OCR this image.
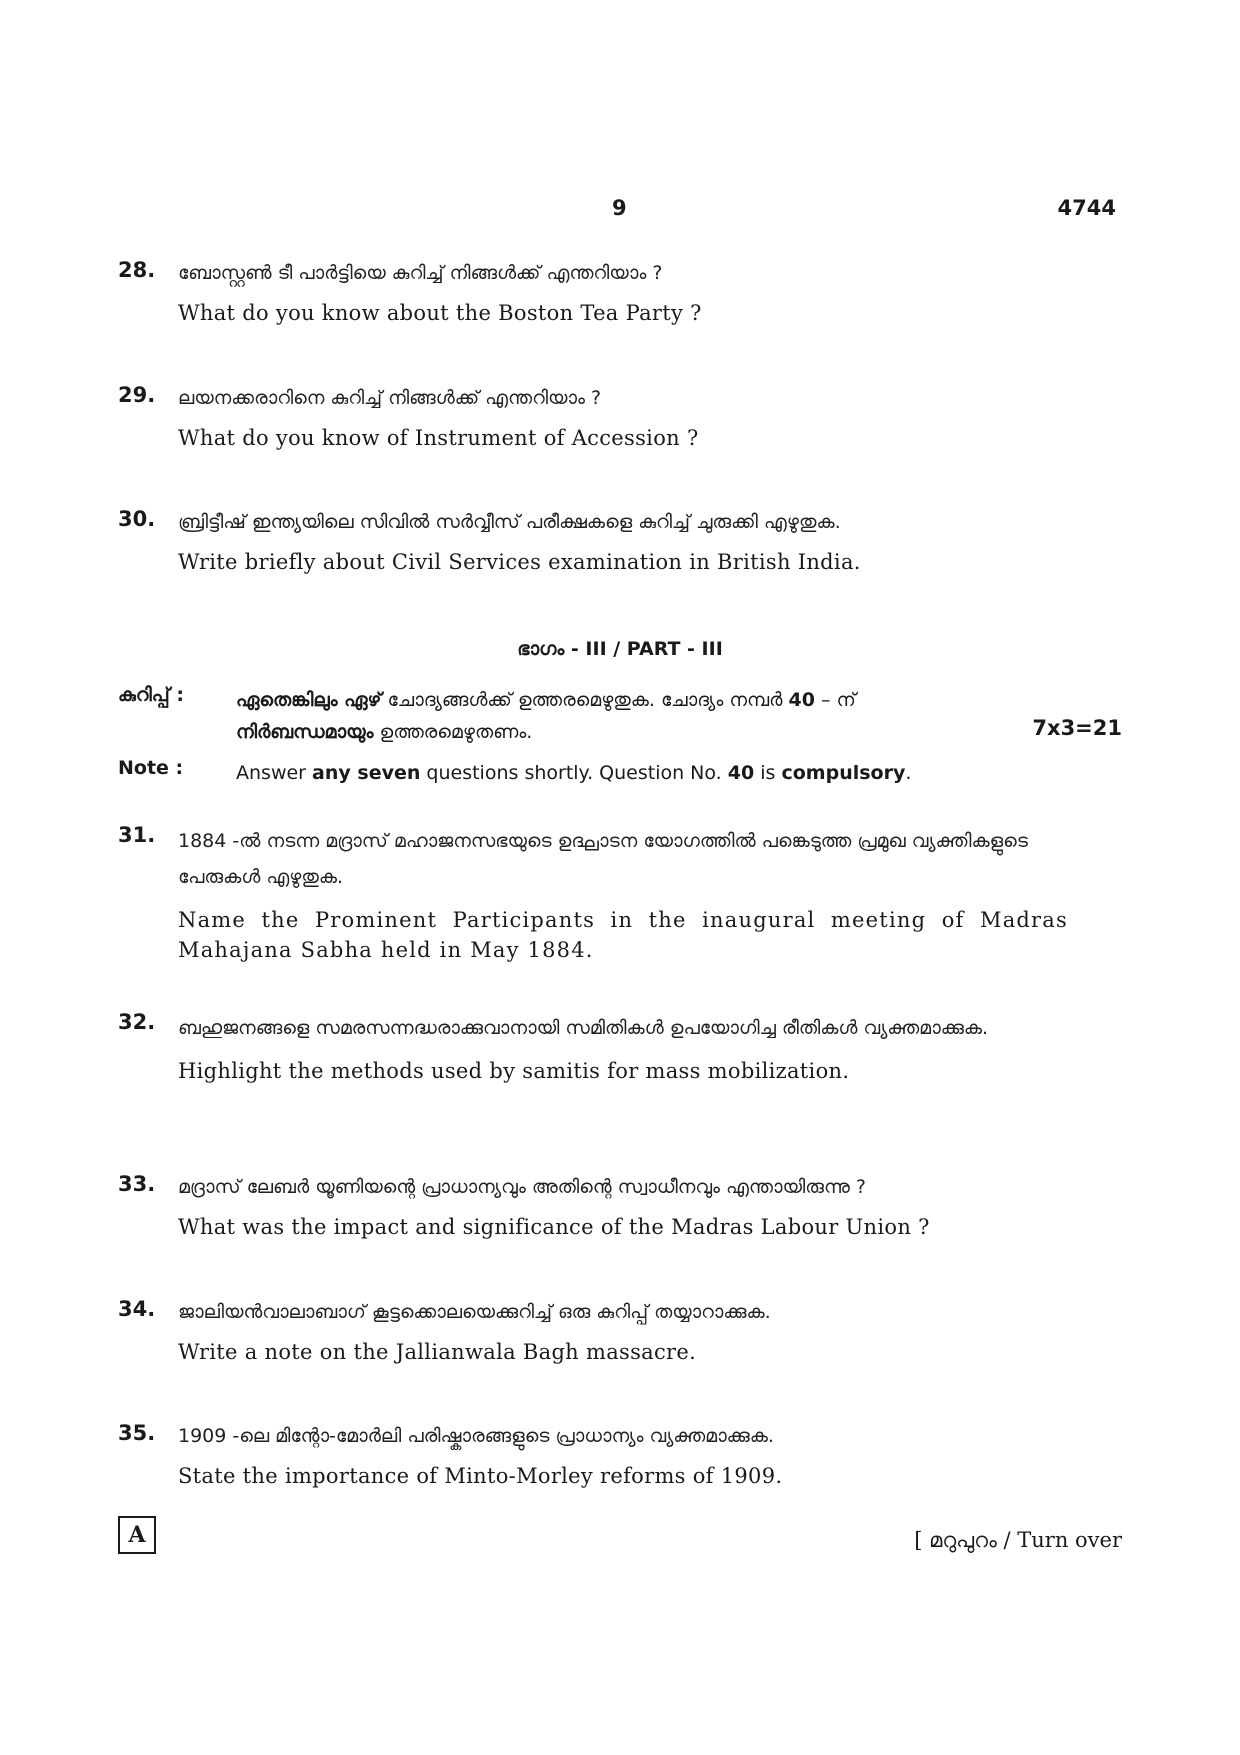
9	4744
28. ബോസ്റ്റൺ ടീ പാർട്ടിയെ കുറിച്ച് നിങ്ങൾക്ക് എന്തറിയാം ?
What do you know about the Boston Tea Party ?
29. ലയനക്കരാറിനെ കുറിച്ച് നിങ്ങൾക്ക് എന്തറിയാം ?
What do you know of Instrument of Accession ?
30. ബ്രിട്ടീഷ് ഇന്ത്യയിലെ സിവിൽ സർവ്വീസ് പരീക്ഷകളെ കുറിച്ച് ചുരുക്കി എഴുതുക.
Write briefly about Civil Services examination in British India.
ഭാഗം - III / PART - III
കുറിപ്പ് :	ഏതെങ്കിലും ഏഴ് ചോദ്യങ്ങൾക്ക് ഉത്തരമെഴുതുക. ചോദ്യം നമ്പർ 40 – ന്
നിർബന്ധമായും ഉത്തരമെഴുതണം.	7x3=21
Note :	Answer any seven questions shortly. Question No. 40 is compulsory.
31. 1884 -ൽ നടന്ന മദ്രാസ് മഹാജനസഭയുടെ ഉദ്ഘാടന യോഗത്തിൽ പങ്കെടുത്ത പ്രമുഖ വ്യക്തികളുടെ പേരുകൾ എഴുതുക.
Name the Prominent Participants in the inaugural meeting of Madras Mahajana Sabha held in May 1884.
32. ബഹുജനങ്ങളെ സമരസന്നദ്ധരാക്കുവാനായി സമിതികൾ ഉപയോഗിച്ച രീതികൾ വ്യക്തമാക്കുക.
Highlight the methods used by samitis for mass mobilization.
33. മദ്രാസ് ലേബർ യൂണിയന്റെ പ്രാധാന്യവും അതിന്റെ സ്വാധീനവും എന്തായിരുന്നു ?
What was the impact and significance of the Madras Labour Union ?
34. ജാലിയൻവാലാബാഗ് കൂട്ടക്കൊലയെക്കുറിച്ച് ഒരു കുറിപ്പ് തയ്യാറാക്കുക.
Write a note on the Jallianwala Bagh massacre.
35. 1909 -ലെ മിന്റോ-മോർലി പരിഷ്കാരങ്ങളുടെ പ്രാധാന്യം വ്യക്തമാക്കുക.
State the importance of Minto-Morley reforms of 1909.
A	[ മറുപുറം / Turn over
